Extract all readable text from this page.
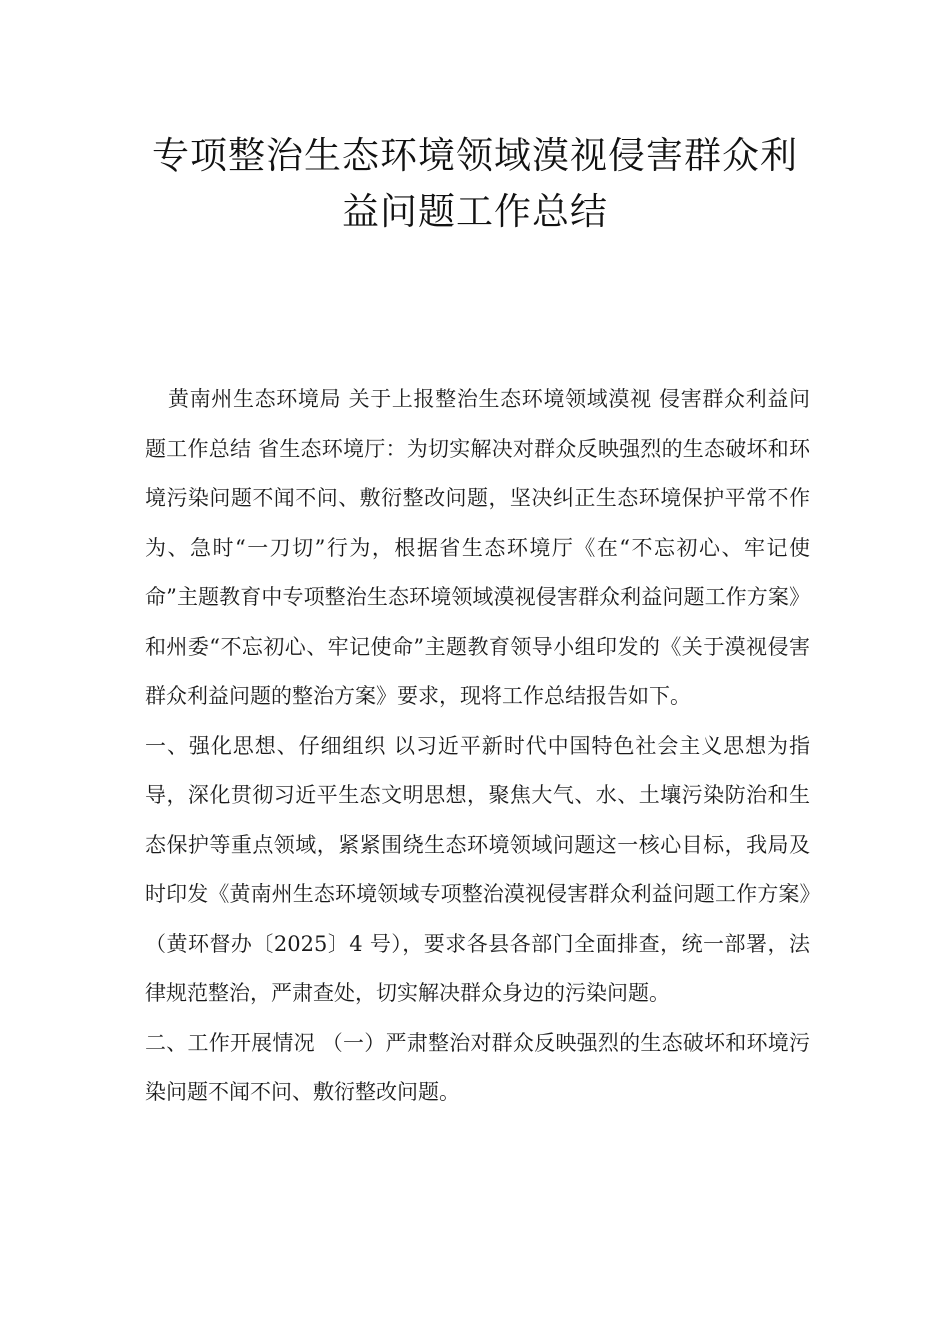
专项整治生态环境领域漠视侵害群众利
益问题工作总结

黄南州生态环境局 关于上报整治生态环境领域漠视 侵害群众利益问题工作总结 省生态环境厅：为切实解决对群众反映强烈的生态破坏和环境污染问题不闻不问、敷衍整改问题，坚决纠正生态环境保护平常不作为、急时“一刀切”行为，根据省生态环境厅《在“不忘初心、牢记使命”主题教育中专项整治生态环境领域漠视侵害群众利益问题工作方案》和州委“不忘初心、牢记使命”主题教育领导小组印发的《关于漠视侵害群众利益问题的整治方案》要求，现将工作总结报告如下。

一、强化思想、仔细组织 以习近平新时代中国特色社会主义思想为指导，深化贯彻习近平生态文明思想，聚焦大气、水、土壤污染防治和生态保护等重点领域，紧紧围绕生态环境领域问题这一核心目标，我局及时印发《黄南州生态环境领域专项整治漠视侵害群众利益问题工作方案》（黄环督办〔2025〕4 号），要求各县各部门全面排查，统一部署，法律规范整治，严肃查处，切实解决群众身边的污染问题。

二、工作开展情况 （一）严肃整治对群众反映强烈的生态破坏和环境污染问题不闻不问、敷衍整改问题。
